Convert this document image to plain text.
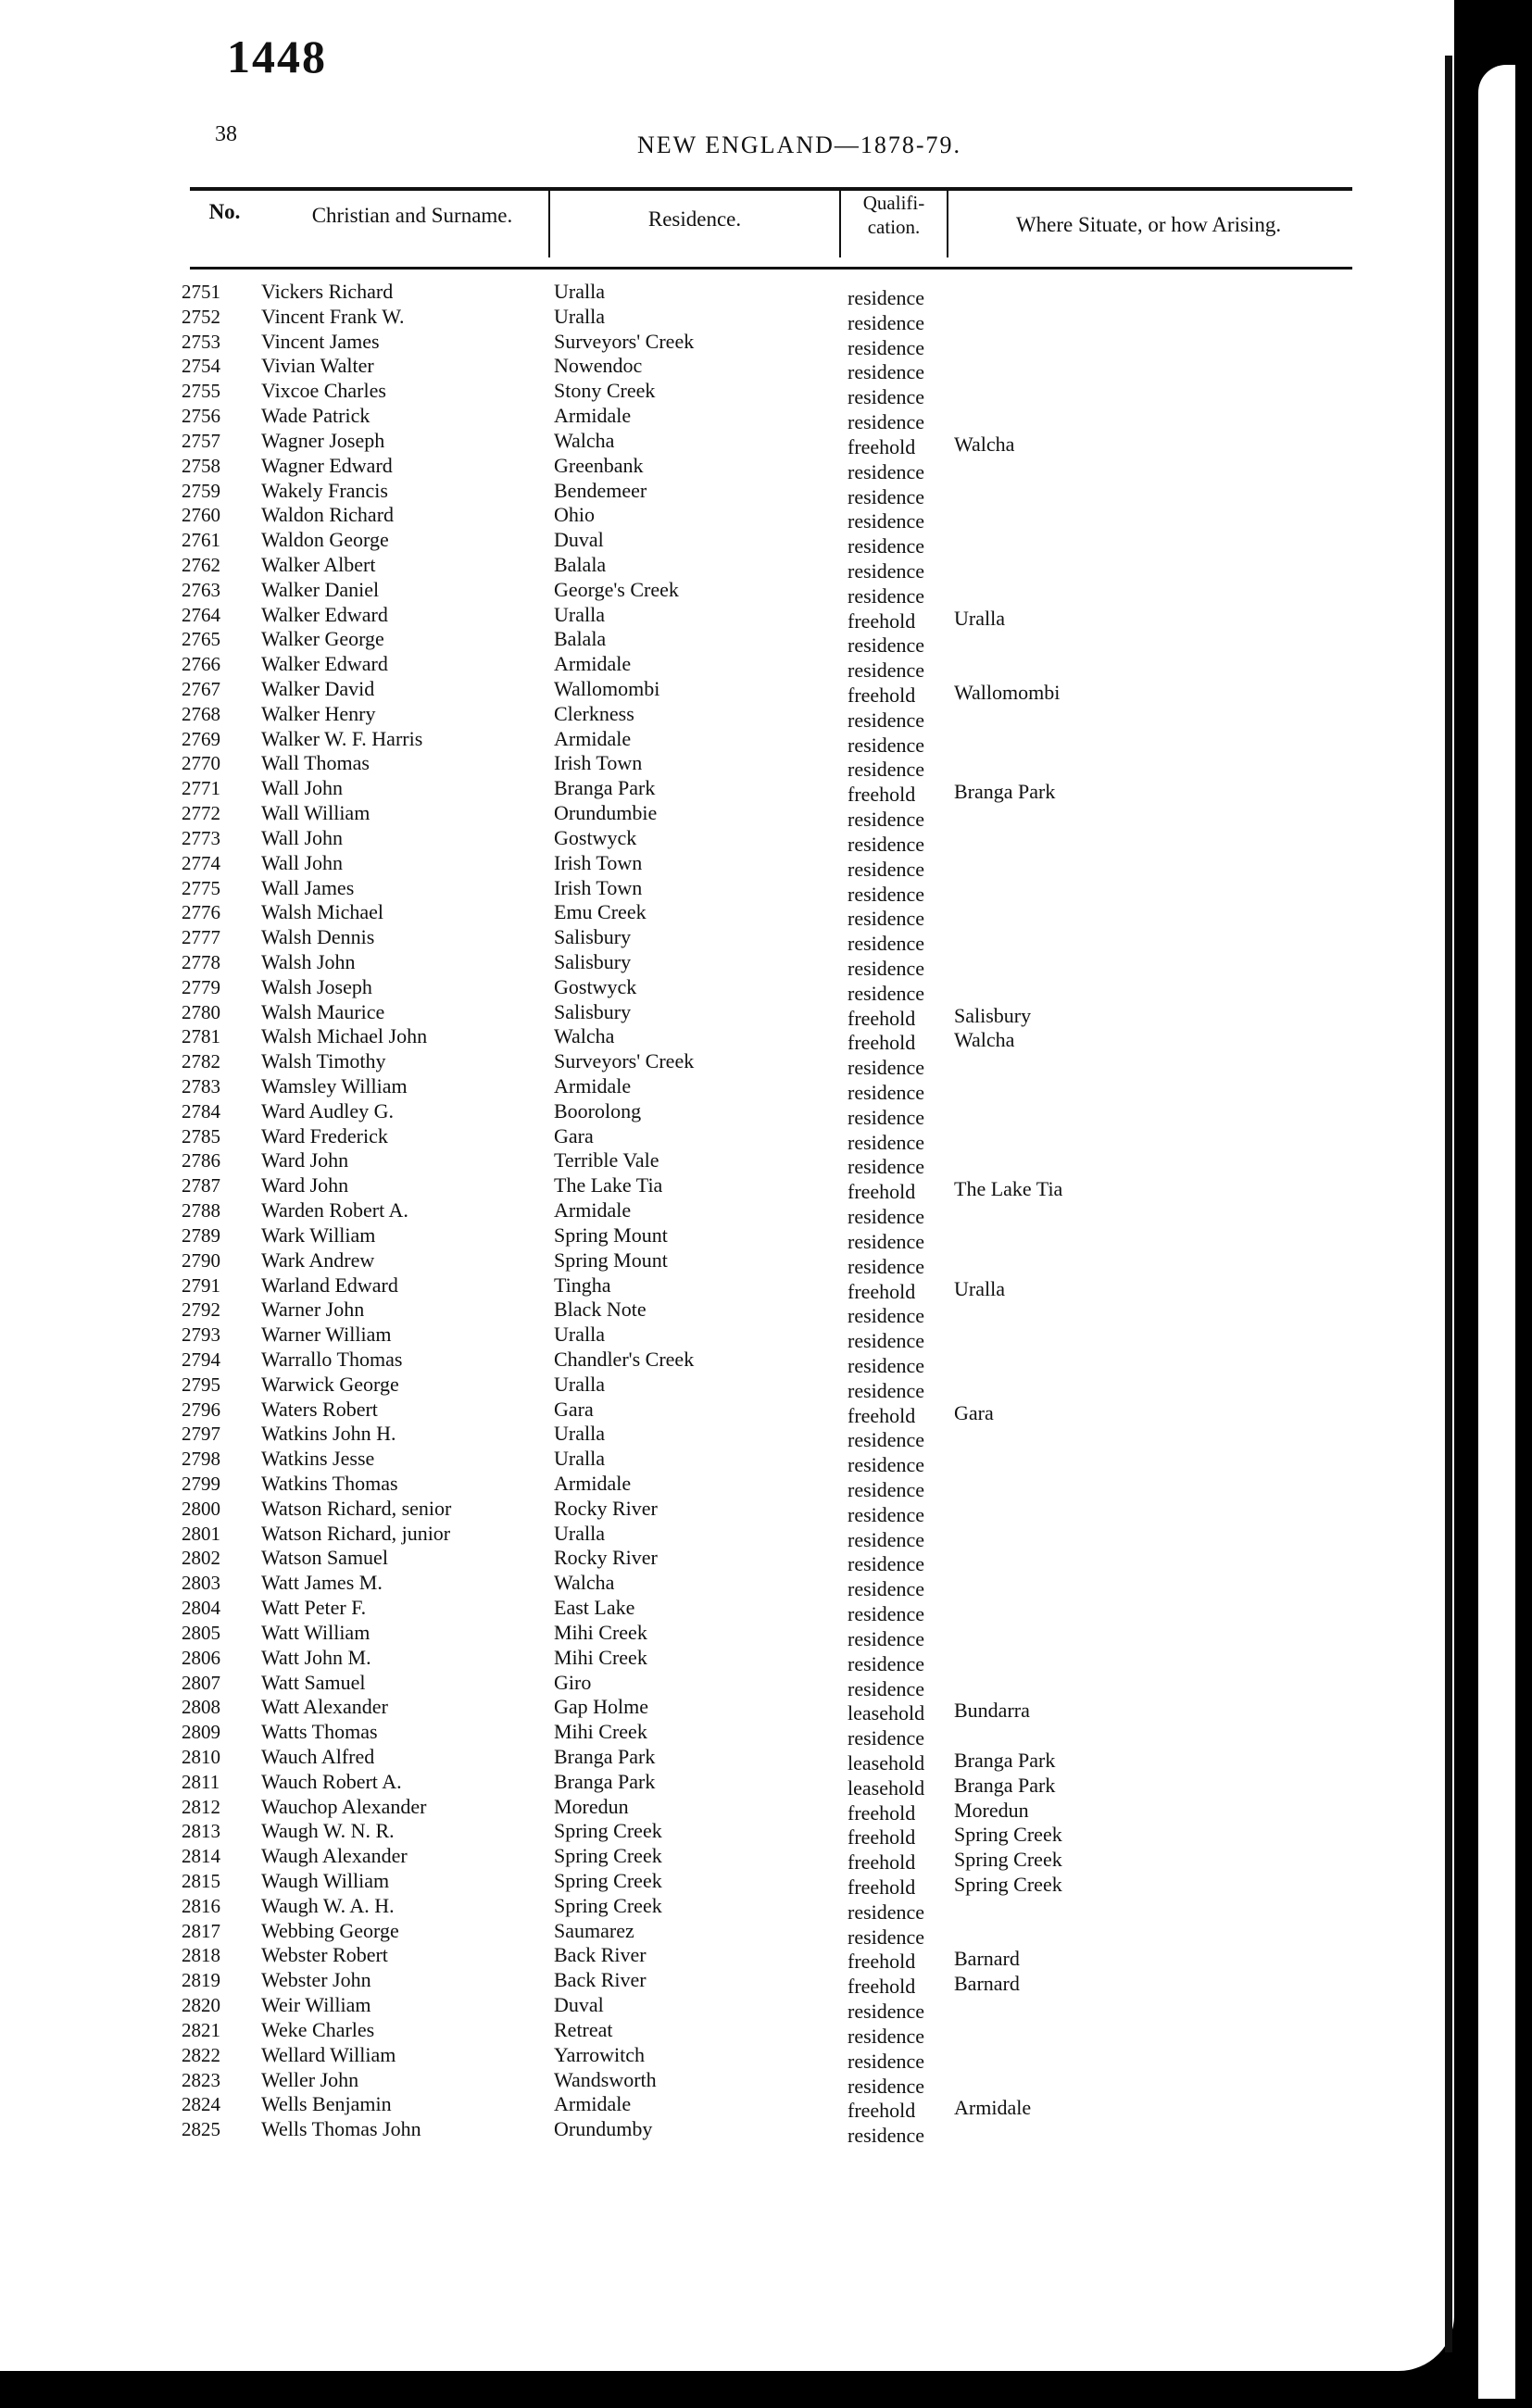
1448
38	NEW ENGLAND—1878-79.
No.	Christian and Surname.	Residence.
Qualifi-
cation.	Where Situate, or how Arising.
2751	Vickers Richard	Uralla	residence
2752	Vincent Frank W.	Uralla	residence
2753	Vincent James	Surveyors' Creek	residence
2754	Vivian Walter	Nowendoc	residence
2755	Vixcoe Charles	Stony Creek	residence
2756	Wade Patrick	Armidale	residence
2757	Wagner Joseph	Walcha	freehold Walcha
2758	Wagner Edward	Greenbank	residence
2759	Wakely Francis	Bendemeer	residence
2760	Waldon Richard	Ohio	residence
2761	Waldon George	Duval	residence
2762	Walker Albert	Balala	residence
2763	Walker Daniel	George's Creek	residence
2764	Walker Edward	Uralla	freehold Uralla
2765	Walker George	Balala	residence
2766	Walker Edward	Armidale	residence
2767	Walker David	Wallomombi	freehold Wallomombi
2768	Walker Henry	Clerkness	residence
2769	Walker W. F. Harris	Armidale	residence
2770	Wall Thomas	Irish Town	residence
2771	Wall John	Branga Park	freehold Branga Park
2772	Wall William	Orundumbie	residence
2773	Wall John	Gostwyck	residence
2774	Wall John	Irish Town	residence
2775	Wall James	Irish Town	residence
2776	Walsh Michael	Emu Creek	residence
2777	Walsh Dennis	Salisbury	residence
2778	Walsh John	Salisbury	residence
2779	Walsh Joseph	Gostwyck	residence
2780	Walsh Maurice	Salisbury	freehold Salisbury
2781	Walsh Michael John	Walcha	freehold Walcha
2782	Walsh Timothy	Surveyors' Creek	residence
2783	Wamsley William	Armidale	residence
2784	Ward Audley G.	Boorolong	residence
2785	Ward Frederick	Gara	residence
2786	Ward John	Terrible Vale	residence
2787	Ward John	The Lake Tia	freehold The Lake Tia
2788	Warden Robert A.	Armidale	residence
2789	Wark William	Spring Mount	residence
2790	Wark Andrew	Spring Mount	residence
2791	Warland Edward	Tingha	freehold Uralla
2792	Warner John	Black Note	residence
2793	Warner William	Uralla	residence
2794	Warrallo Thomas	Chandler's Creek	residence
2795	Warwick George	Uralla	residence
2796	Waters Robert	Gara	freehold Gara
2797	Watkins John H.	Uralla	residence
2798	Watkins Jesse	Uralla	residence
2799	Watkins Thomas	Armidale	residence
2800	Watson Richard, senior	Rocky River	residence
2801	Watson Richard, junior	Uralla	residence
2802	Watson Samuel	Rocky River	residence
2803	Watt James M.	Walcha	residence
2804	Watt Peter F.	East Lake	residence
2805	Watt William	Mihi Creek	residence
2806	Watt John M.	Mihi Creek	residence
2807	Watt Samuel	Giro	residence
2808	Watt Alexander	Gap Holme	leasehold Bundarra
2809	Watts Thomas	Mihi Creek	residence
2810	Wauch Alfred	Branga Park	leasehold Branga Park
2811	Wauch Robert A.	Branga Park	leasehold Branga Park
2812	Wauchop Alexander	Moredun	freehold Moredun
2813	Waugh W. N. R.	Spring Creek	freehold Spring Creek
2814	Waugh Alexander	Spring Creek	freehold Spring Creek
2815	Waugh William	Spring Creek	freehold Spring Creek
2816	Waugh W. A. H.	Spring Creek	residence
2817	Webbing George	Saumarez	residence
2818	Webster Robert	Back River	freehold Barnard
2819	Webster John	Back River	freehold Barnard
2820	Weir William	Duval	residence
2821	Weke Charles	Retreat	residence
2822	Wellard William	Yarrowitch	residence
2823	Weller John	Wandsworth	residence
2824	Wells Benjamin	Armidale	freehold Armidale
2825	Wells Thomas John	Orundumby	residence
